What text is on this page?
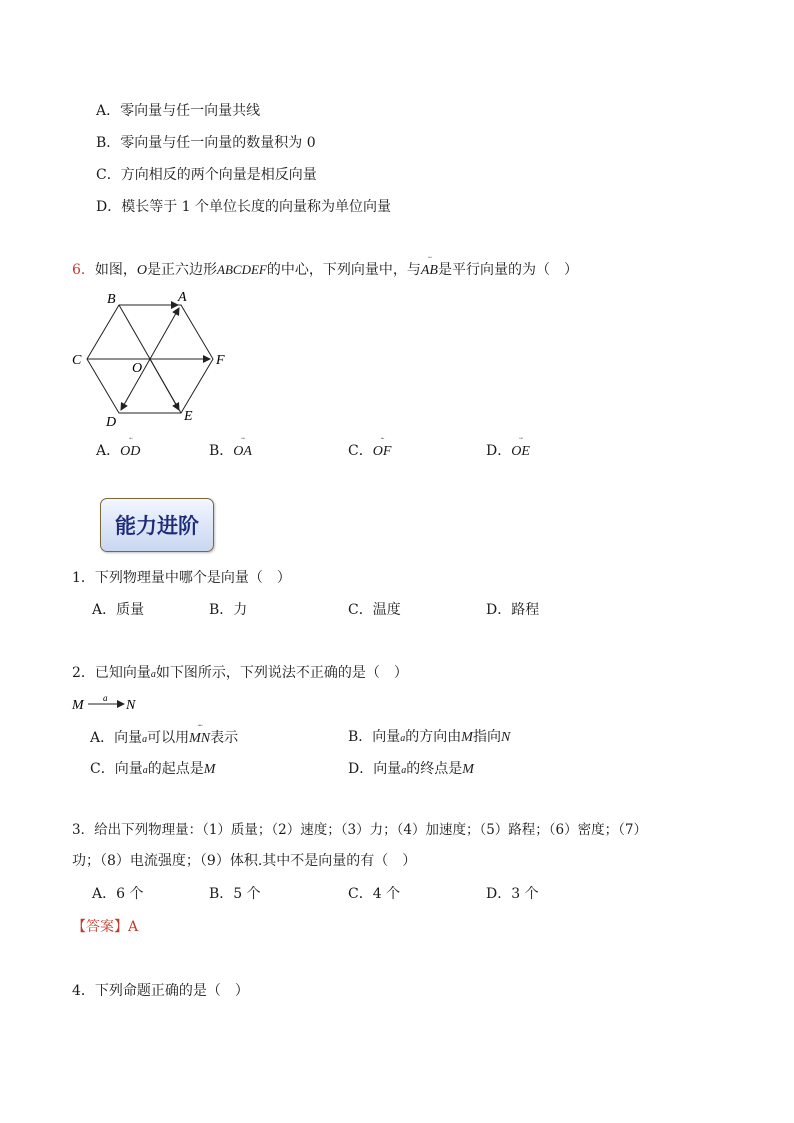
A．零向量与任一向量共线
B．零向量与任一向量的数量积为 0
C．方向相反的两个向量是相反向量
D．模长等于 1 个单位长度的向量称为单位向量
6．如图，O是正六边形ABCDEF的中心，下列向量中，与
ᵕᵕ
AB是平行向量的为（　）
B	A
C	F
O
D	E
A．
ᵕᵕ
OD	B．
ᵕᵕ
OA	C．
ᵕᵕ
OF	D．
ᵕᵕ
OE
能力进阶
1．下列物理量中哪个是向量（　）
A．质量	B．力	C．温度	D．路程
2．已知向量a如下图所示，下列说法不正确的是（　）
M a N
A．向量a可以用
ᵕᵕᵕ
MN表示	B．向量a的方向由M指向N
C．向量a的起点是M	D．向量a的终点是M
3．给出下列物理量：（1）质量；（2）速度；（3）力；（4）加速度；（5）路程；（6）密度；（7）
功；（8）电流强度；（9）体积.其中不是向量的有（　）
A．6 个	B．5 个	C．4 个	D．3 个
【答案】A
4．下列命题正确的是（　）
